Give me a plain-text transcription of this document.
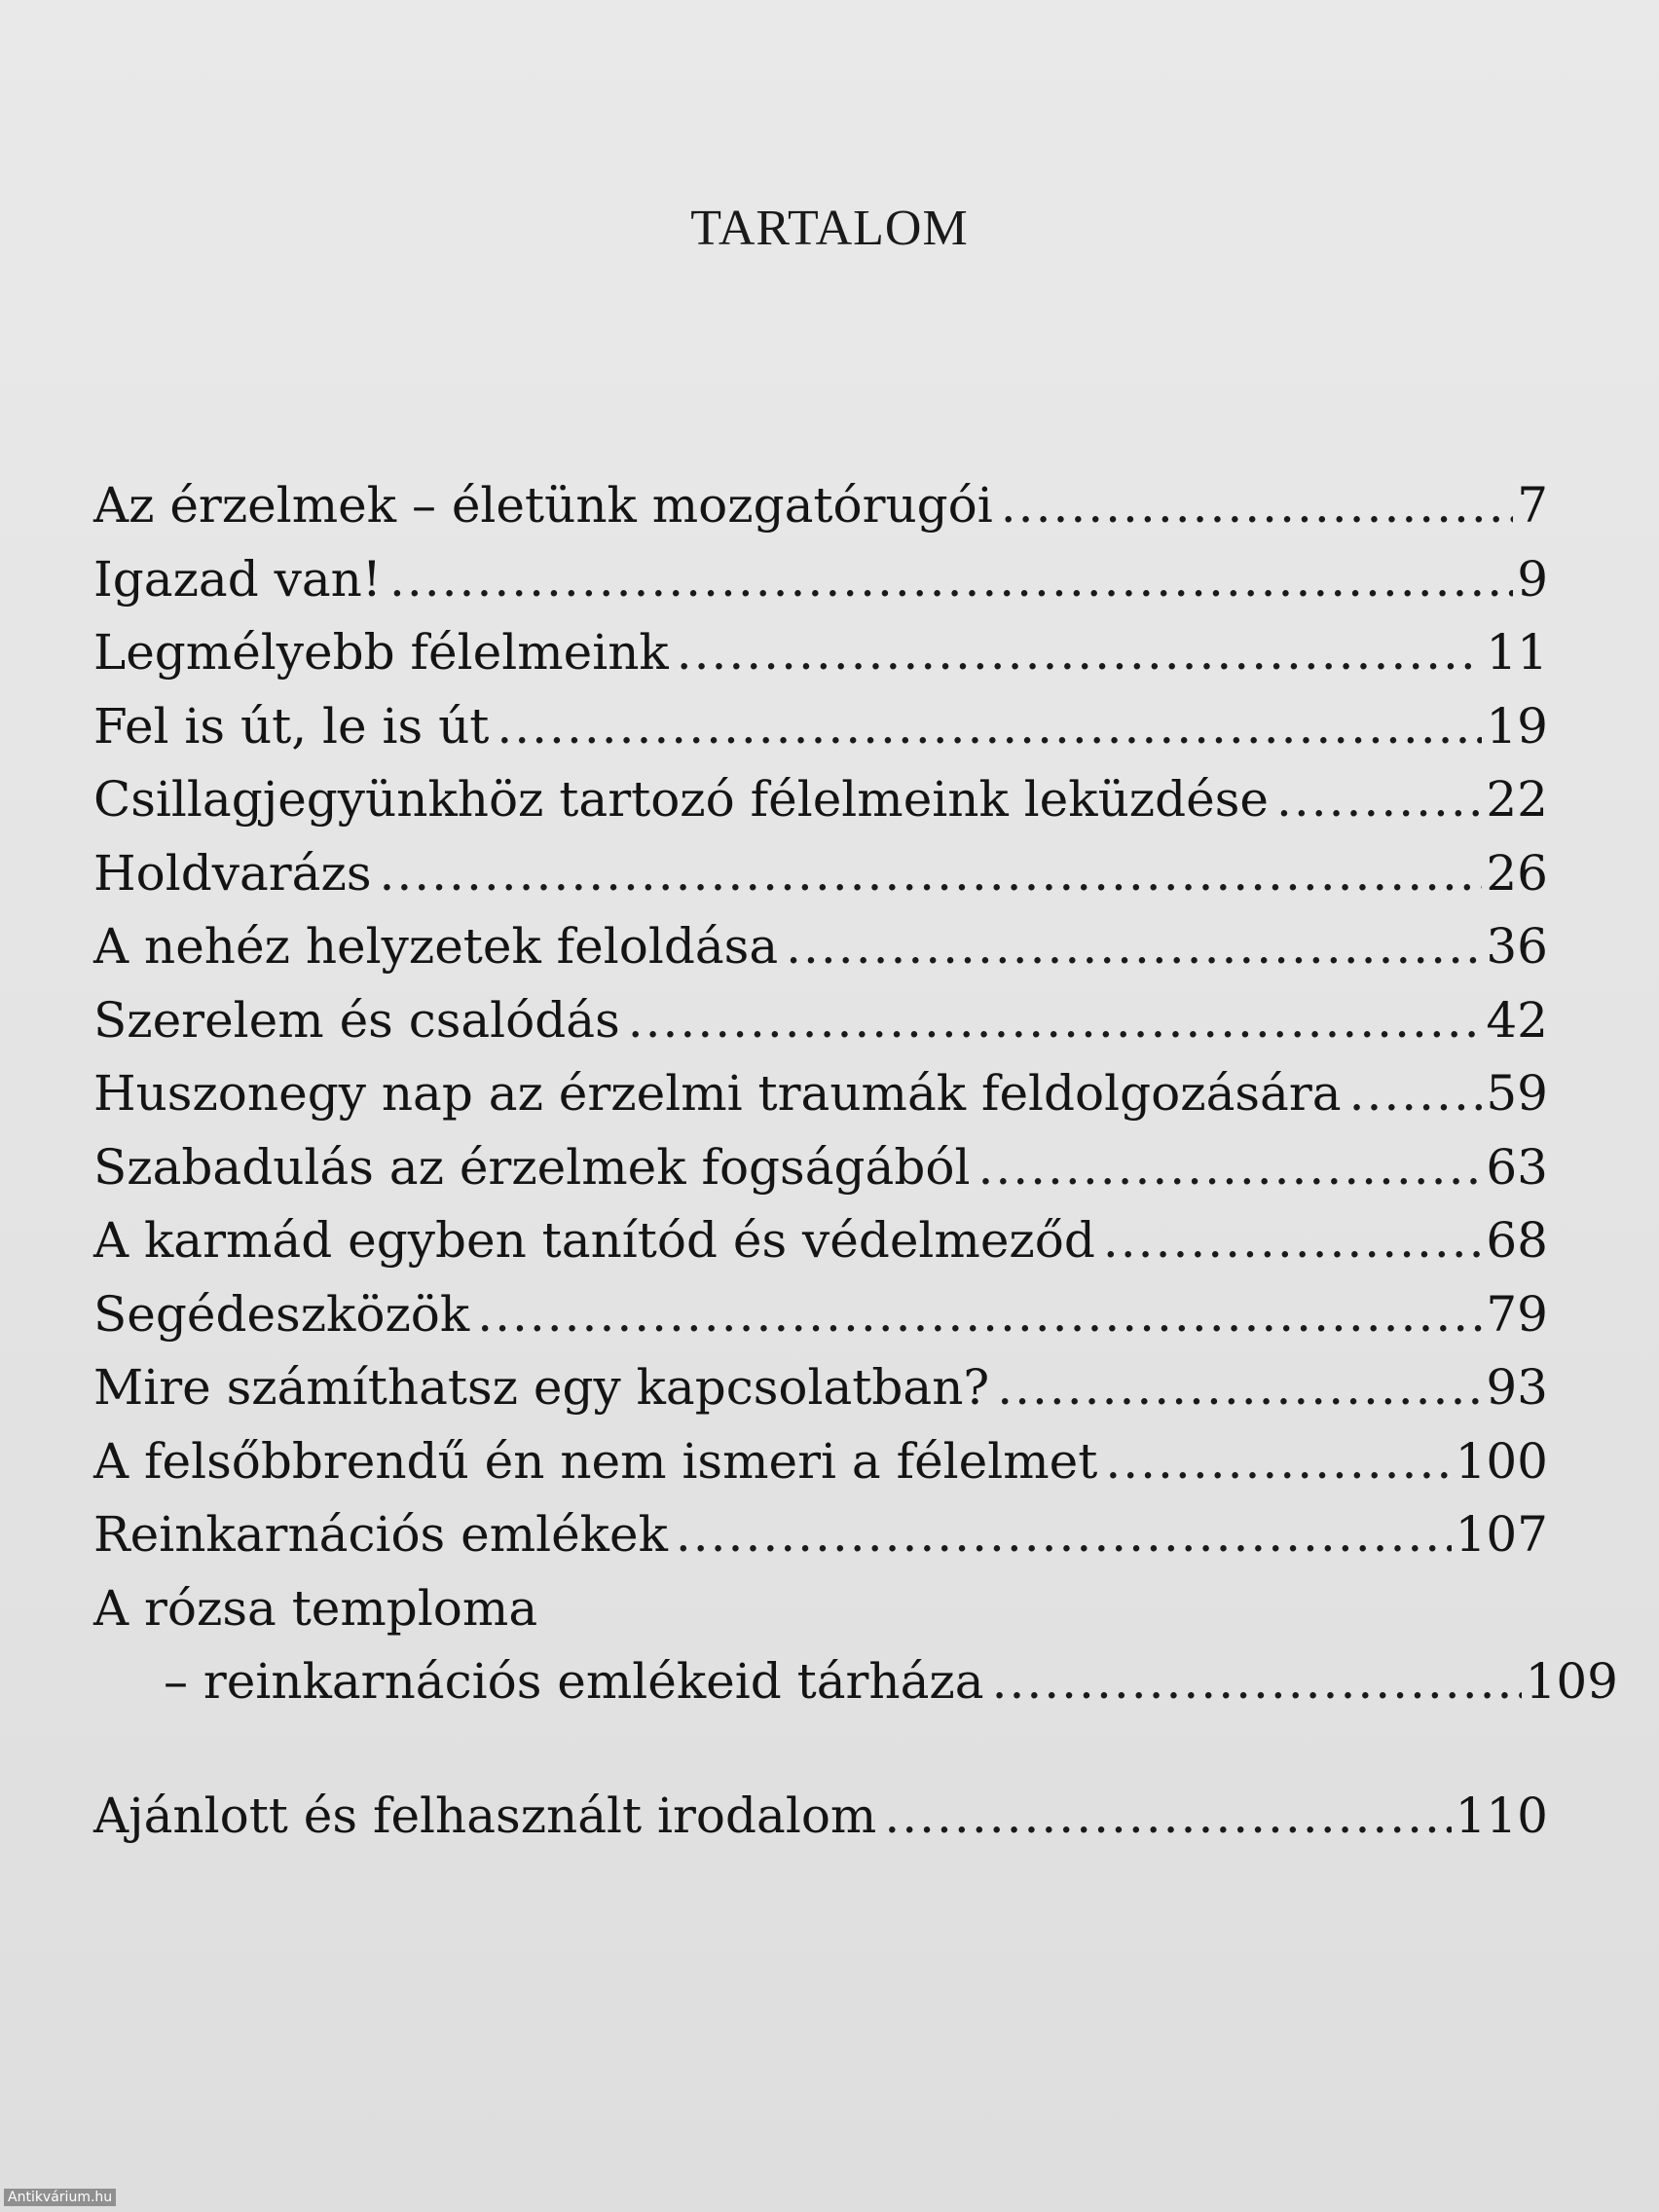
TARTALOM
Az érzelmek – életünk mozgatórugói .....	7
Igazad van! .....	9
Legmélyebb félelmeink .....	11
Fel is út, le is út .....	19
Csillagjegyünkhöz tartozó félelmeink leküzdése .....	22
Holdvarázs .....	26
A nehéz helyzetek feloldása .....	36
Szerelem és csalódás .....	42
Huszonegy nap az érzelmi traumák feldolgozására .....	59
Szabadulás az érzelmek fogságából .....	63
A karmád egyben tanítód és védelmeződ .....	68
Segédeszközök .....	79
Mire számíthatsz egy kapcsolatban? .....	93
A felsőbbrendű én nem ismeri a félelmet .....	100
Reinkarnációs emlékek .....	107
A rózsa temploma
– reinkarnációs emlékeid tárháza .....	109
Ajánlott és felhasznált irodalom .....	110
Antikvárium.hu
